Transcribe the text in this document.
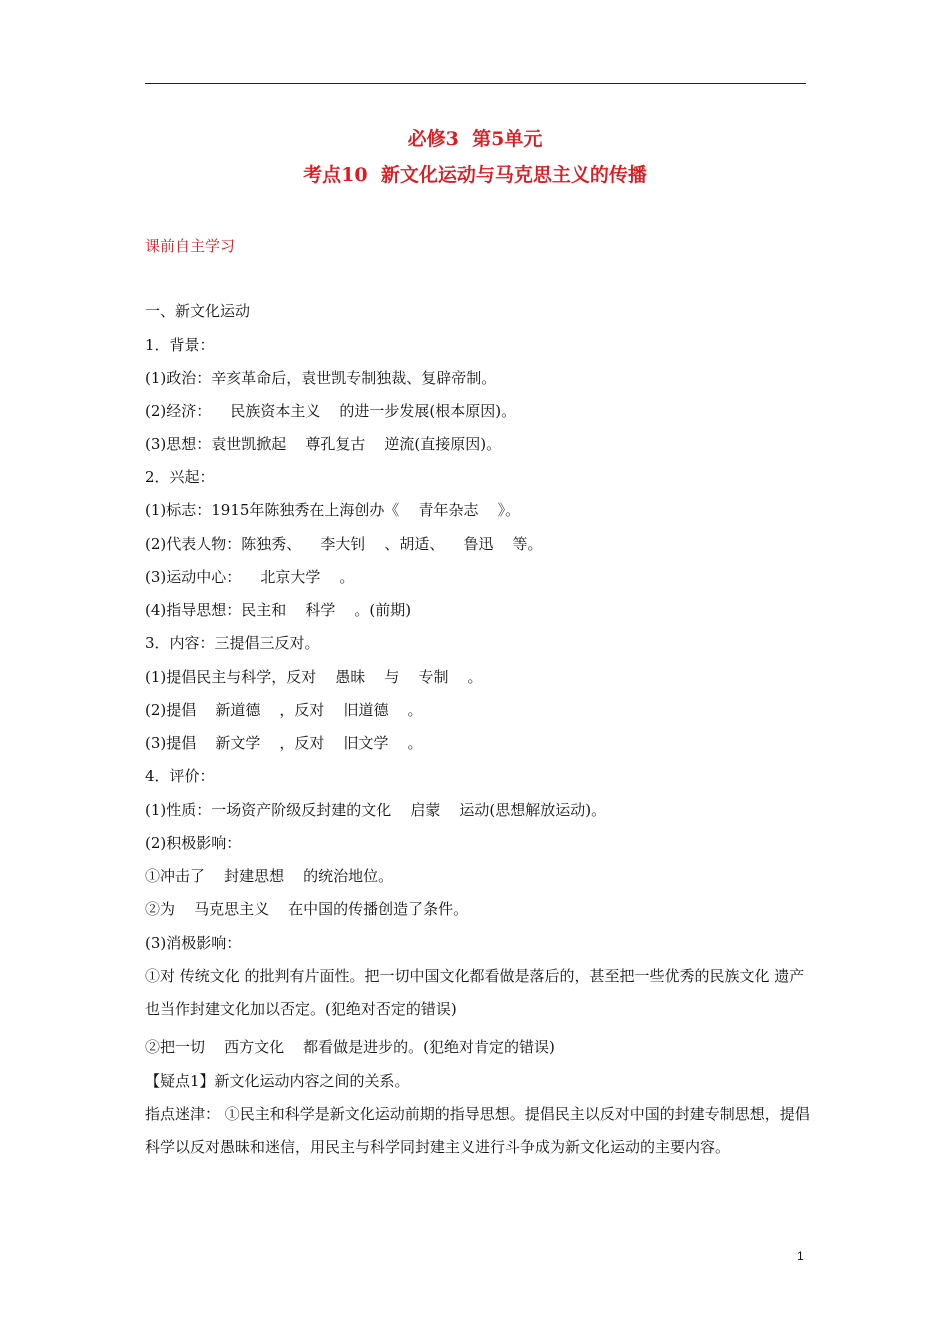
必修3  第5单元
考点10  新文化运动与马克思主义的传播
课前自主学习
一、新文化运动
1．背景：
(1)政治：辛亥革命后，袁世凯专制独裁、复辟帝制。
(2)经济：    民族资本主义    的进一步发展(根本原因)。
(3)思想：袁世凯掀起    尊孔复古    逆流(直接原因)。
2．兴起：
(1)标志：1915年陈独秀在上海创办《    青年杂志    》。
(2)代表人物：陈独秀、    李大钊    、胡适、    鲁迅    等。
(3)运动中心：    北京大学    。
(4)指导思想：民主和    科学    。(前期)
3．内容：三提倡三反对。
(1)提倡民主与科学，反对    愚昧    与    专制    。
(2)提倡    新道德    ，反对    旧道德    。
(3)提倡    新文学    ，反对    旧文学    。
4．评价：
(1)性质：一场资产阶级反封建的文化    启蒙    运动(思想解放运动)。
(2)积极影响：
①冲击了    封建思想    的统治地位。
②为    马克思主义    在中国的传播创造了条件。
(3)消极影响：
①对 传统文化 的批判有片面性。把一切中国文化都看做是落后的，甚至把一些优秀的民族文化 遗产也当作封建文化加以否定。(犯绝对否定的错误)
②把一切    西方文化    都看做是进步的。(犯绝对肯定的错误)
【疑点1】新文化运动内容之间的关系。
指点迷津： ①民主和科学是新文化运动前期的指导思想。提倡民主以反对中国的封建专制思想，提倡科学以反对愚昧和迷信，用民主与科学同封建主义进行斗争成为新文化运动的主要内容。
1
